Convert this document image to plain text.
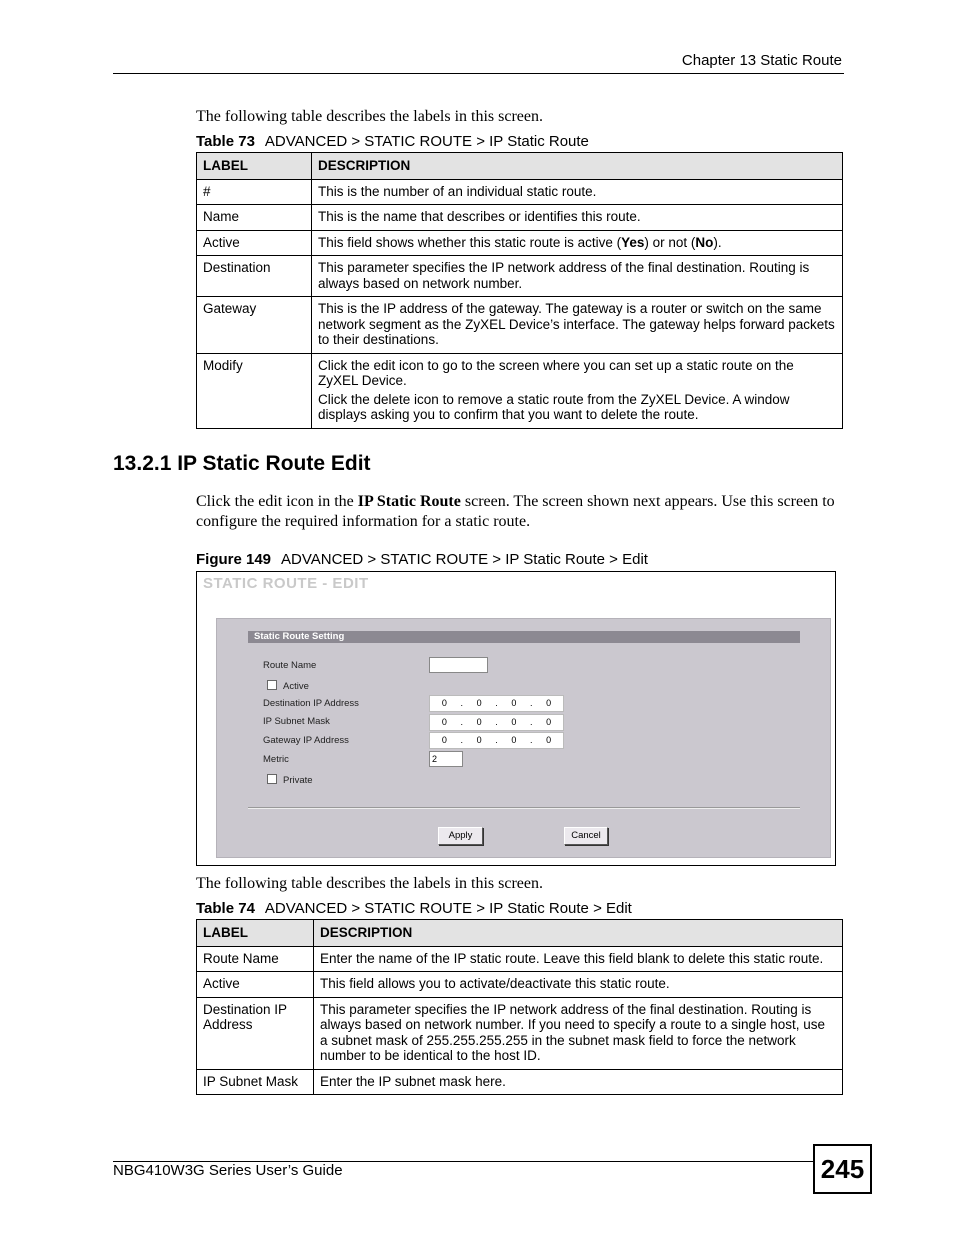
Chapter 13 Static Route
The following table describes the labels in this screen.
Table 73 ADVANCED > STATIC ROUTE > IP Static Route
LABEL	DESCRIPTION
#	This is the number of an individual static route.
Name	This is the name that describes or identifies this route.
Active	This field shows whether this static route is active (Yes) or not (No).
Destination	This parameter specifies the IP network address of the final destination. Routing is always based on network number.
Gateway	This is the IP address of the gateway. The gateway is a router or switch on the same network segment as the ZyXEL Device’s interface. The gateway helps forward packets to their destinations.
Modify	Click the edit icon to go to the screen where you can set up a static route on the ZyXEL Device.

Click the delete icon to remove a static route from the ZyXEL Device. A window displays asking you to confirm that you want to delete the route.

13.2.1 IP Static Route Edit
Click the edit icon in the IP Static Route screen. The screen shown next appears. Use this screen to configure the required information for a static route.
Figure 149 ADVANCED > STATIC ROUTE > IP Static Route > Edit
STATIC ROUTE - EDIT
Static Route Setting
Route Name
Active
Destination IP Address	0	.	0	.	0	.	0
IP Subnet Mask	0	.	0	.	0	.	0
Gateway IP Address	0	.	0	.	0	.	0
Metric	2
Private
Apply	Cancel
The following table describes the labels in this screen.
Table 74 ADVANCED > STATIC ROUTE > IP Static Route > Edit
LABEL	DESCRIPTION
Route Name	Enter the name of the IP static route. Leave this field blank to delete this static route.
Active	This field allows you to activate/deactivate this static route.
Destination IP Address	This parameter specifies the IP network address of the final destination. Routing is always based on network number. If you need to specify a route to a single host, use a subnet mask of 255.255.255.255 in the subnet mask field to force the network number to be identical to the host ID.
IP Subnet Mask	Enter the IP subnet mask here.
NBG410W3G Series User’s Guide	245
